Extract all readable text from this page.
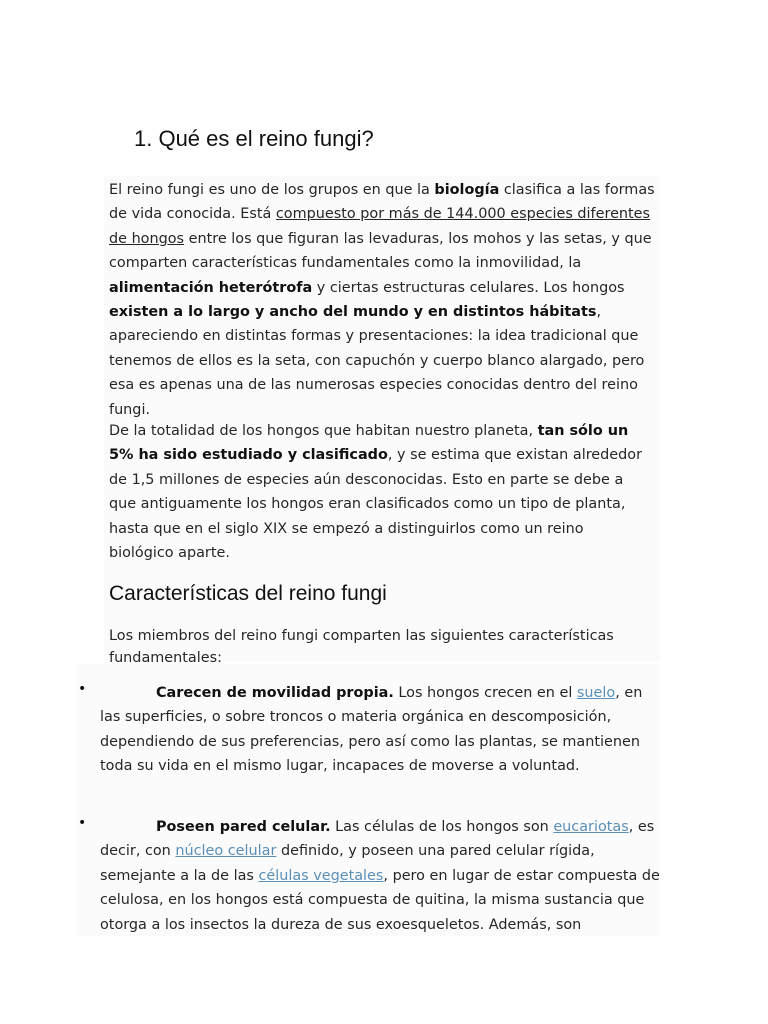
1. Qué es el reino fungi?

El reino fungi es uno de los grupos en que la biología clasifica a las formas de vida conocida. Está compuesto por más de 144.000 especies diferentes de hongos entre los que figuran las levaduras, los mohos y las setas, y que comparten características fundamentales como la inmovilidad, la alimentación heterótrofa y ciertas estructuras celulares. Los hongos existen a lo largo y ancho del mundo y en distintos hábitats, apareciendo en distintas formas y presentaciones: la idea tradicional que tenemos de ellos es la seta, con capuchón y cuerpo blanco alargado, pero esa es apenas una de las numerosas especies conocidas dentro del reino fungi.

De la totalidad de los hongos que habitan nuestro planeta, tan sólo un 5% ha sido estudiado y clasificado, y se estima que existan alrededor de 1,5 millones de especies aún desconocidas. Esto en parte se debe a que antiguamente los hongos eran clasificados como un tipo de planta, hasta que en el siglo XIX se empezó a distinguirlos como un reino biológico aparte.

Características del reino fungi

Los miembros del reino fungi comparten las siguientes características fundamentales:

•	Carecen de movilidad propia. Los hongos crecen en el suelo, en las superficies, o sobre troncos o materia orgánica en descomposición, dependiendo de sus preferencias, pero así como las plantas, se mantienen toda su vida en el mismo lugar, incapaces de moverse a voluntad.

•	Poseen pared celular. Las células de los hongos son eucariotas, es decir, con núcleo celular definido, y poseen una pared celular rígida, semejante a la de las células vegetales, pero en lugar de estar compuesta de celulosa, en los hongos está compuesta de quitina, la misma sustancia que otorga a los insectos la dureza de sus exoesqueletos. Además, son
